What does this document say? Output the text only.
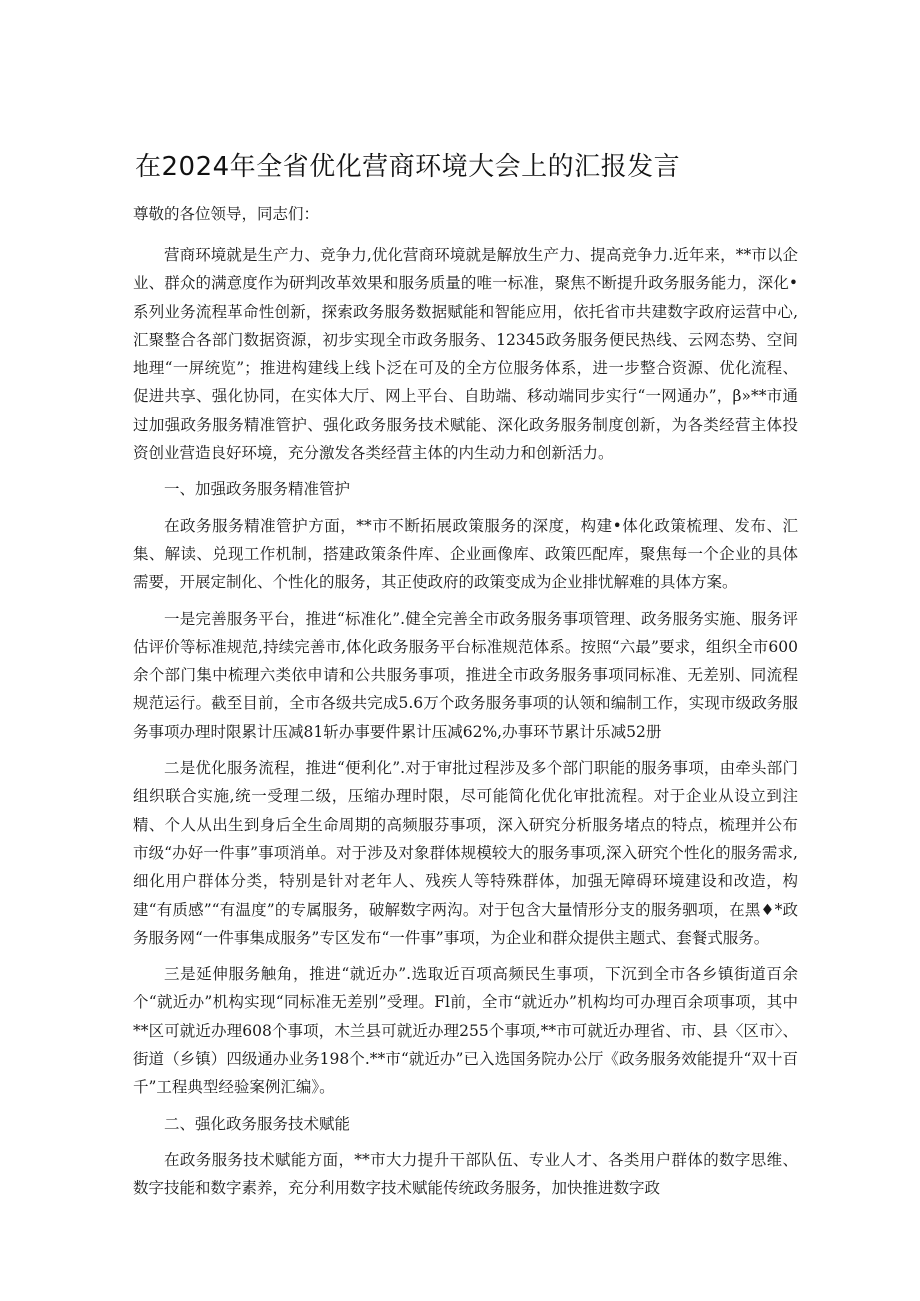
在2024年全省优化营商环境大会上的汇报发言

尊敬的各位领导，同志们：

营商环境就是生产力、竞争力,优化营商环境就是解放生产力、提高竞争力.近年来，**市以企业、群众的满意度作为研判改革效果和服务质量的唯一标准，聚焦不断提升政务服务能力，深化•系列业务流程革命性创新，探索政务服务数据赋能和智能应用，依托省市共建数字政府运营中心,汇聚整合各部门数据资源，初步实现全市政务服务、12345政务服务便民热线、云网态势、空间地理“一屏统览”；推进构建线上线卜泛在可及的全方位服务体系，进一步整合资源、优化流程、促进共享、强化协同，在实体大厅、网上平台、自助端、移动端同步实行“一网通办”，β»**市通过加强政务服务精准管护、强化政务服务技术赋能、深化政务服务制度创新，为各类经营主体投资创业营造良好环境，充分激发各类经营主体的内生动力和创新活力。

一、加强政务服务精准管护

在政务服务精准管护方面，**市不断拓展政策服务的深度，构建•体化政策梳理、发布、汇集、解读、兑现工作机制，搭建政策条件库、企业画像库、政策匹配库，聚焦每一个企业的具体需要，开展定制化、个性化的服务，其正使政府的政策变成为企业排忧解难的具体方案。

一是完善服务平台，推进“标准化”.健全完善全市政务服务事项管理、政务服务实施、服务评估评价等标准规范,持续完善市,体化政务服务平台标准规范体系。按照“六最”要求，组织全市600余个部门集中梳理六类依申请和公共服务事项，推进全市政务服务事项同标准、无差别、同流程规范运行。截至目前，全市各级共完成5.6万个政务服务事项的认领和编制工作，实现市级政务服务事项办理时限累计压减81斩办事要件累计压减62%,办事环节累计乐减52册

二是优化服务流程，推进“便利化”.对于审批过程涉及多个部门职能的服务事项，由牵头部门组织联合实施,统一受理二级，压缩办理时限，尽可能简化优化审批流程。对于企业从设立到注精、个人从出生到身后全生命周期的高频服芬事项，深入研究分析服务堵点的特点，梳理并公布市级“办好一件事”事项消单。对于涉及对象群体规模较大的服务事项,深入研究个性化的服务需求,细化用户群体分类，特别是针对老年人、残疾人等特殊群体，加强无障碍环境建设和改造，构建“有质感”“有温度”的专属服务，破解数字两沟。对于包含大量情形分支的服务驷项，在黑♦*政务服务网“一件事集成服务”专区发布“一件事”事项，为企业和群众提供主题式、套餐式服务。

三是延伸服务触角，推进“就近办”.选取近百项高频民生事项，下沉到全市各乡镇街道百余个“就近办”机构实现“同标准无差别”受理。Fl前，全市“就近办”机构均可办理百余项事项，其中**区可就近办理608个事项，木兰县可就近办理255个事项,**市可就近办理省、市、县〈区市〉、街道（乡镇）四级通办业务198个.**市“就近办”已入选国务院办公厅《政务服务效能提升“双十百千”工程典型经验案例汇编》。

二、强化政务服务技术赋能

在政务服务技术赋能方面，**市大力提升干部队伍、专业人才、各类用户群体的数字思维、数字技能和数字素养，充分利用数字技术赋能传统政务服务，加快推进数字政
